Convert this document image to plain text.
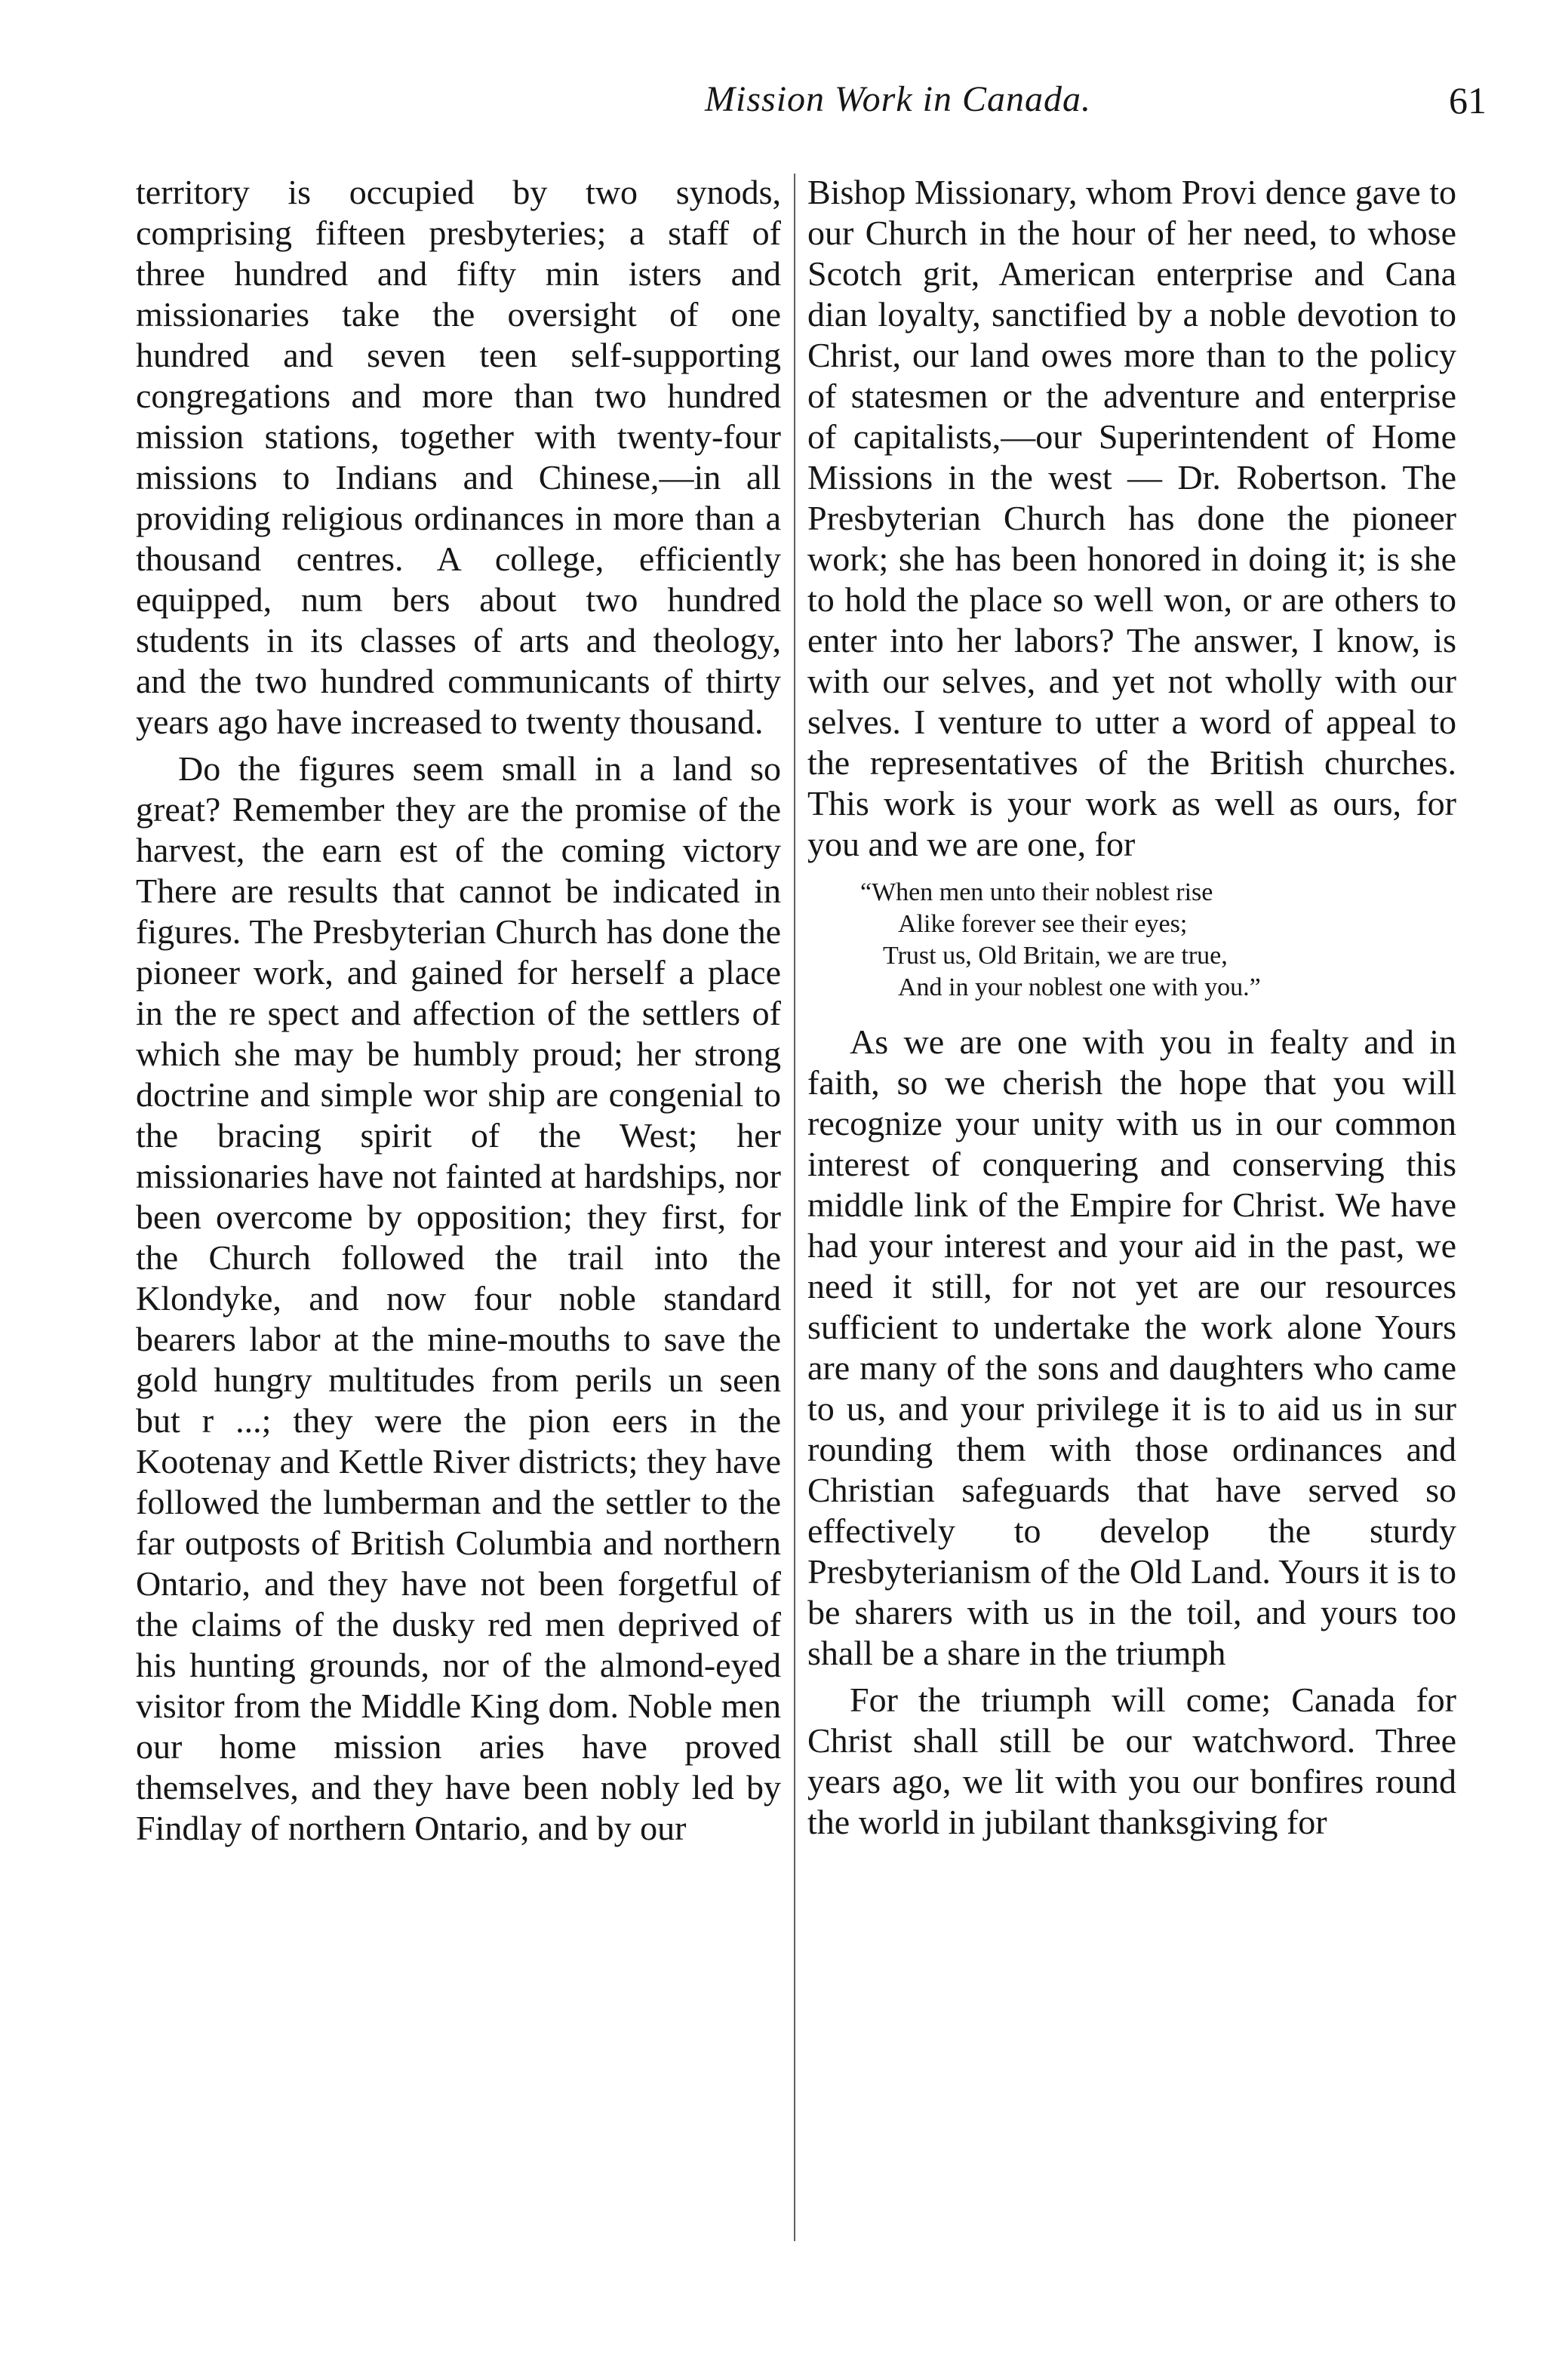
Mission Work in Canada.	61

territory is occupied by two synods, comprising fifteen presbyteries; a staff of three hundred and fifty min isters and missionaries take the oversight of one hundred and seven teen self-supporting congregations and more than two hundred mission stations, together with twenty-four missions to Indians and Chinese,—in all providing religious ordinances in more than a thousand centres. A college, efficiently equipped, num bers about two hundred students in its classes of arts and theology, and the two hundred communicants of thirty years ago have increased to twenty thousand.

Do the figures seem small in a land so great? Remember they are the promise of the harvest, the earn est of the coming victory There are results that cannot be indicated in figures. The Presbyterian Church has done the pioneer work, and gained for herself a place in the re spect and affection of the settlers of which she may be humbly proud; her strong doctrine and simple wor ship are congenial to the bracing spirit of the West; her missionaries have not fainted at hardships, nor been overcome by opposition; they first, for the Church followed the trail into the Klondyke, and now four noble standard bearers labor at the mine-mouths to save the gold hungry multitudes from perils un seen but r ...; they were the pion eers in the Kootenay and Kettle River districts; they have followed the lumberman and the settler to the far outposts of British Columbia and northern Ontario, and they have not been forgetful of the claims of the dusky red men deprived of his hunting grounds, nor of the almond-eyed visitor from the Middle King dom. Noble men our home mission aries have proved themselves, and they have been nobly led by Findlay of northern Ontario, and by our

Bishop Missionary, whom Provi dence gave to our Church in the hour of her need, to whose Scotch grit, American enterprise and Cana dian loyalty, sanctified by a noble devotion to Christ, our land owes more than to the policy of statesmen or the adventure and enterprise of capitalists,—our Superintendent of Home Missions in the west — Dr. Robertson. The Presbyterian Church has done the pioneer work; she has been honored in doing it; is she to hold the place so well won, or are others to enter into her labors? The answer, I know, is with our selves, and yet not wholly with our selves. I venture to utter a word of appeal to the representatives of the British churches. This work is your work as well as ours, for you and we are one, for

“When men unto their noblest rise
Alike forever see their eyes;
Trust us, Old Britain, we are true,
And in your noblest one with you.”

As we are one with you in fealty and in faith, so we cherish the hope that you will recognize your unity with us in our common interest of conquering and conserving this middle link of the Empire for Christ. We have had your interest and your aid in the past, we need it still, for not yet are our resources sufficient to undertake the work alone Yours are many of the sons and daughters who came to us, and your privilege it is to aid us in sur rounding them with those ordinances and Christian safeguards that have served so effectively to develop the sturdy Presbyterianism of the Old Land. Yours it is to be sharers with us in the toil, and yours too shall be a share in the triumph

For the triumph will come; Canada for Christ shall still be our watchword. Three years ago, we lit with you our bonfires round the world in jubilant thanksgiving for
